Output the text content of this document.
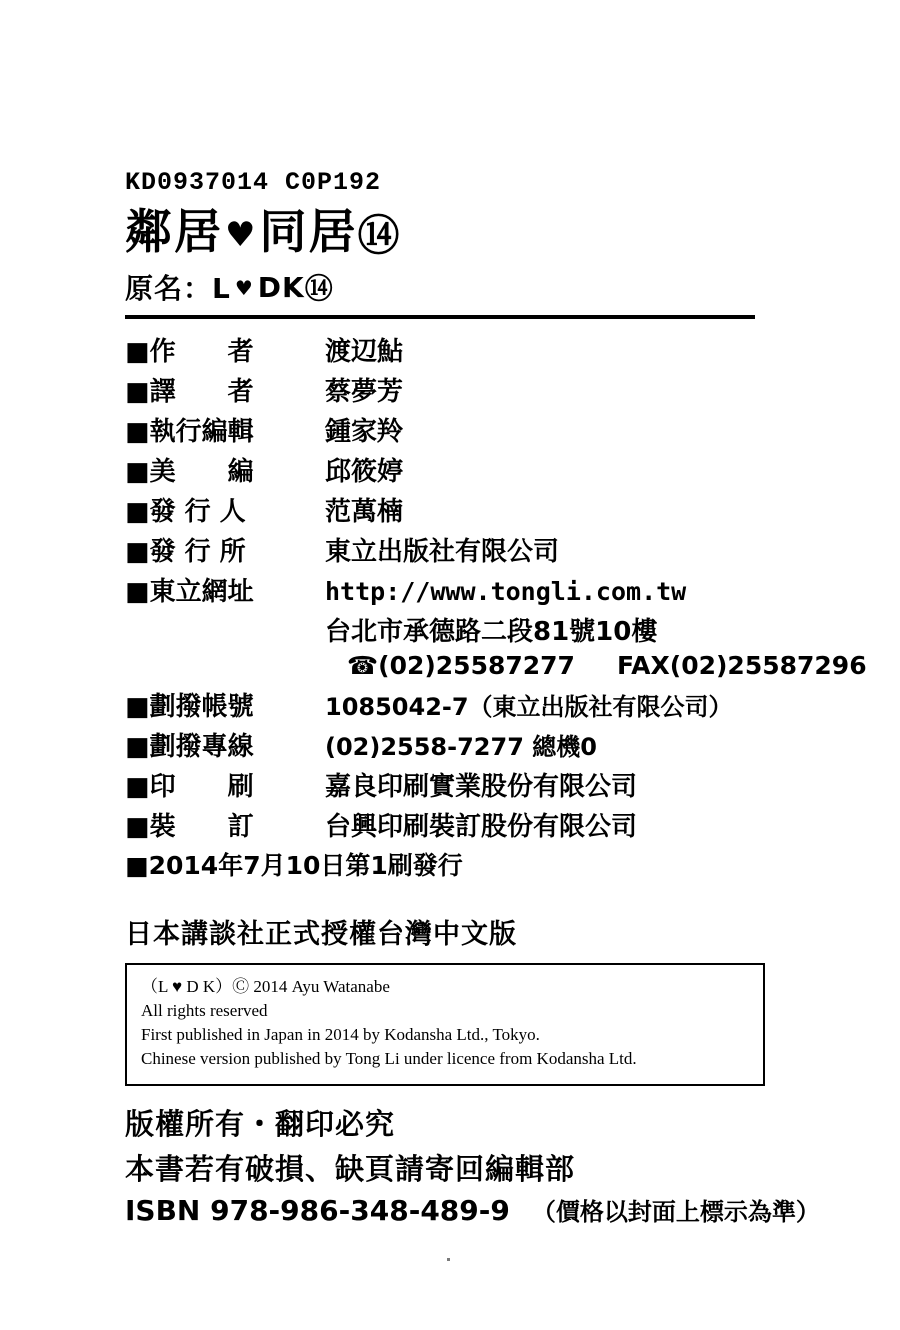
KD0937014 C0P192
鄰居 ♥ 同居 ⑭
原名：L ♥ DK ⑭
■作　　者	渡辺鮎
■譯　　者	蔡夢芳
■執行編輯	鍾家羚
■美　　編	邱筱婷
■發 行 人	范萬楠
■發 行 所	東立出版社有限公司
■東立網址	http://www.tongli.com.tw
台北市承德路二段81號10樓
☎(02)25587277 FAX(02)25587296
■劃撥帳號	1085042-7（東立出版社有限公司）
■劃撥專線	(02)2558-7277 總機0
■印　　刷	嘉良印刷實業股份有限公司
■裝　　訂	台興印刷裝訂股份有限公司
■2014年7月10日第1刷發行
日本講談社正式授權台灣中文版
（L ♥ D K）Ⓒ 2014 Ayu Watanabe
All rights reserved
First published in Japan in 2014 by Kodansha Ltd., Tokyo.
Chinese version published by Tong Li under licence from Kodansha Ltd.
版權所有・翻印必究
本書若有破損、缺頁請寄回編輯部
ISBN 978-986-348-489-9 （價格以封面上標示為準）
